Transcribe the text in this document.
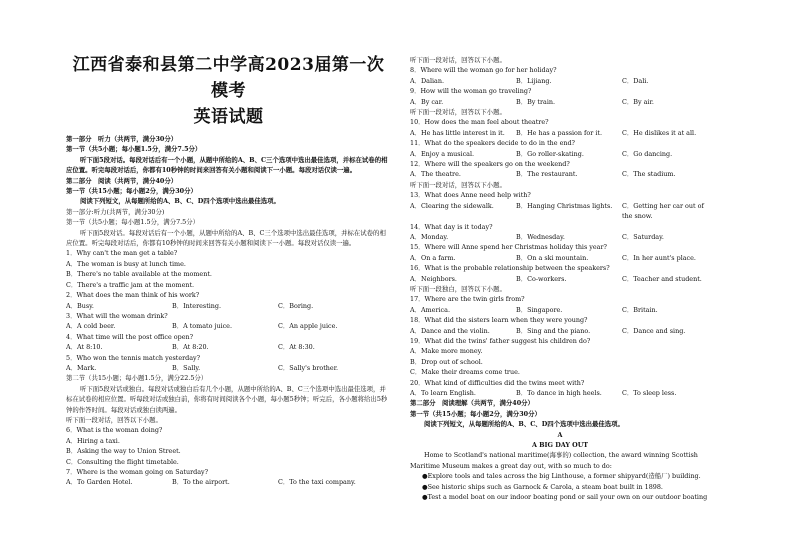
江西省泰和县第二中学高2023届第一次模考
英语试题
第一部分　听力（共两节，满分30分）
第一节（共5小题；每小题1.5分，满分7.5分）
听下面5段对话。每段对话后有一个小题，从题中所给的A、B、C三个选项中选出最佳选项，并标在试卷的相应位置。听完每段对话后，你都有10秒钟的时间来回答有关小题和阅读下一小题。每段对话仅读一遍。
第二部分　阅读（共两节，满分40分）
第一节（共15小题；每小题2分，满分30分）
阅读下列短文，从每题所给的A、B、C、D四个选项中选出最佳选项。
第一部分:听力(共两节，满分30分)
第一节（共5小题；每小题1.5分，满分7.5分）
听下面5段对话。每段对话后有一个小题，从题中所给的A、B、C三个选项中选出最佳选项，并标在试卷的相应位置。听完每段对话后，你都有10秒钟的时间来回答有关小题和阅读下一小题。每段对话仅读一遍。
1．Why can't the man get a table?
A．The woman is busy at lunch time.
B．There's no table available at the moment.
C．There's a traffic jam at the moment.
2．What does the man think of his work?
A．Busy.	B．Interesting.	C．Boring.
3．What will the woman drink?
A．A cold beer.	B．A tomato juice.	C．An apple juice.
4．What time will the post office open?
A．At 8:10.	B．At 8:20.	C．At 8:30.
5．Who won the tennis match yesterday?
A．Mark.	B．Sally.	C．Sally's brother.
第二节（共15小题；每小题1.5分，满分22.5分）
听下面5段对话或独白。每段对话或独白后有几个小题，从题中所给的A、B、C三个选项中选出最佳选项，并标在试卷的相应位置。听每段对话或独白前，你将有时间阅读各个小题，每小题5秒钟；听完后，各小题将给出5秒钟的作答时间。每段对话或独白读两遍。
听下面一段对话，回答以下小题。
6．What is the woman doing?
A．Hiring a taxi.
B．Asking the way to Union Street.
C．Consulting the flight timetable.
7．Where is the woman going on Saturday?
A．To Garden Hotel.	B．To the airport.	C．To the taxi company.
听下面一段对话，回答以下小题。
8．Where will the woman go for her holiday?
A．Dalian.	B．Lijiang.	C．Dali.
9．How will the woman go traveling?
A．By car.	B．By train.	C．By air.
听下面一段对话，回答以下小题。
10．How does the man feel about theatre?
A．He has little interest in it.	B．He has a passion for it.	C．He dislikes it at all.
11．What do the speakers decide to do in the end?
A．Enjoy a musical.	B．Go roller-skating.	C．Go dancing.
12．Where will the speakers go on the weekend?
A．The theatre.	B．The restaurant.	C．The stadium.
听下面一段对话，回答以下小题。
13．What does Anne need help with?
A．Clearing the sidewalk.	B．Hanging Christmas lights.	C．Getting her car out of the snow.
14．What day is it today?
A．Monday.	B．Wednesday.	C．Saturday.
15．Where will Anne spend her Christmas holiday this year?
A．On a farm.	B．On a ski mountain.	C．In her aunt's place.
16．What is the probable relationship between the speakers?
A．Neighbors.	B．Co-workers.	C．Teacher and student.
听下面一段独白，回答以下小题。
17．Where are the twin girls from?
A．America.	B．Singapore.	C．Britain.
18．What did the sisters learn when they were young?
A．Dance and the violin.	B．Sing and the piano.	C．Dance and sing.
19．What did the twins' father suggest his children do?
A．Make more money.
B．Drop out of school.
C．Make their dreams come true.
20．What kind of difficulties did the twins meet with?
A．To learn English.	B．To dance in high heels.	C．To sleep less.
第二部分　阅读理解（共两节，满分40分）
第一节（共15小题；每小题2分，满分30分）
阅读下列短文，从每题所给的A、B、C、D四个选项中选出最佳选项。
A
A BIG DAY OUT
Home to Scotland's national maritime(海事的) collection, the award winning Scottish Maritime Museum makes a great day out, with so much to do:
●Explore tools and tales across the big Linthouse, a former shipyard(造船厂) building.
●See historic ships such as Garnock & Carola, a steam boat built in 1898.
●Test a model boat on our indoor boating pond or sail your own on our outdoor boating
